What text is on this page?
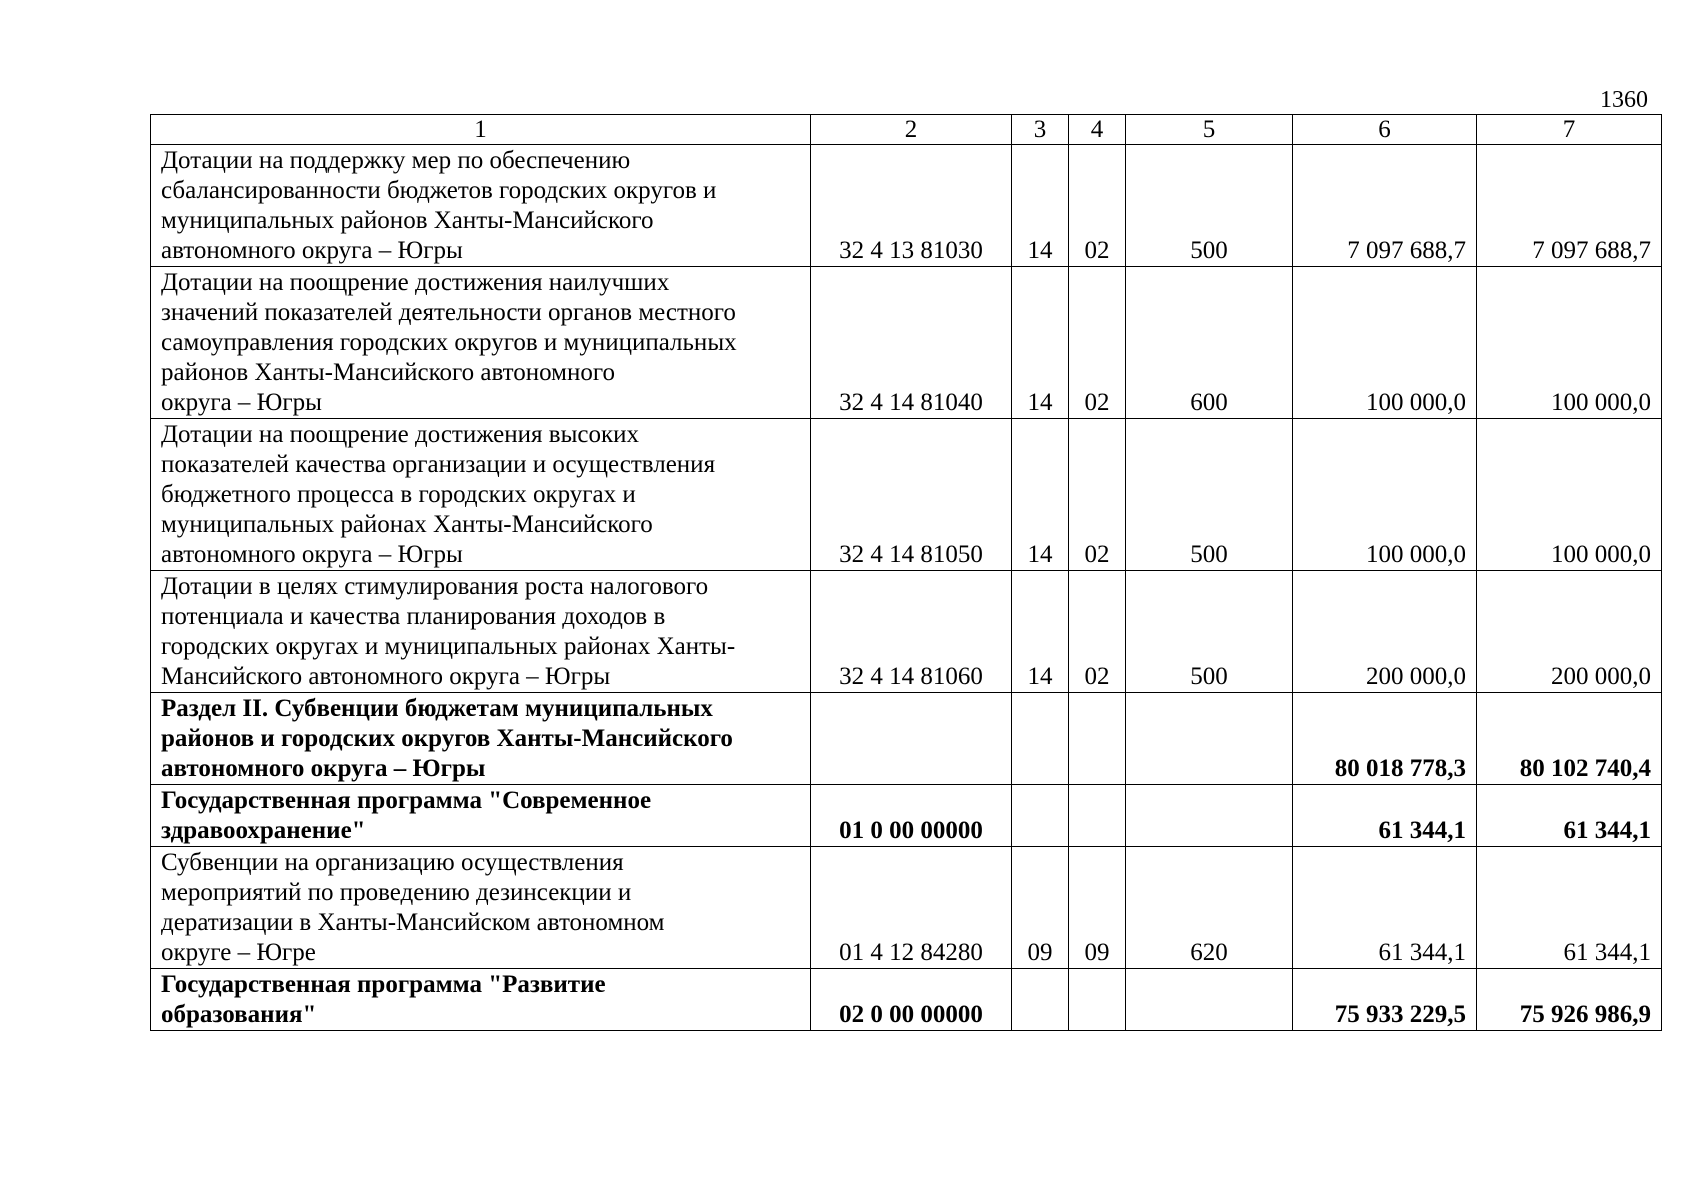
1360
1	2	3	4	5	6	7

Дотации на поддержку мер по обеспечению
сбалансированности бюджетов городских округов и
муниципальных районов Ханты-Мансийского
автономного округа – Югры	32 4 13 81030	14	02	500	7 097 688,7	7 097 688,7

Дотации на поощрение достижения наилучших
значений показателей деятельности органов местного
самоуправления городских округов и муниципальных
районов Ханты-Мансийского автономного
округа – Югры	32 4 14 81040	14	02	600	100 000,0	100 000,0

Дотации на поощрение достижения высоких
показателей качества организации и осуществления
бюджетного процесса в городских округах и
муниципальных районах Ханты-Мансийского
автономного округа – Югры	32 4 14 81050	14	02	500	100 000,0	100 000,0

Дотации в целях стимулирования роста налогового
потенциала и качества планирования доходов в
городских округах и муниципальных районах Ханты-
Мансийского автономного округа – Югры	32 4 14 81060	14	02	500	200 000,0	200 000,0

Раздел II. Субвенции бюджетам муниципальных
районов и городских округов Ханты-Мансийского
автономного округа – Югры					80 018 778,3	80 102 740,4

Государственная программа "Современное
здравоохранение"	01 0 00 00000				61 344,1	61 344,1

Субвенции на организацию осуществления
мероприятий по проведению дезинсекции и
дератизации в Ханты-Мансийском автономном
округе – Югре	01 4 12 84280	09	09	620	61 344,1	61 344,1

Государственная программа "Развитие
образования"	02 0 00 00000				75 933 229,5	75 926 986,9
